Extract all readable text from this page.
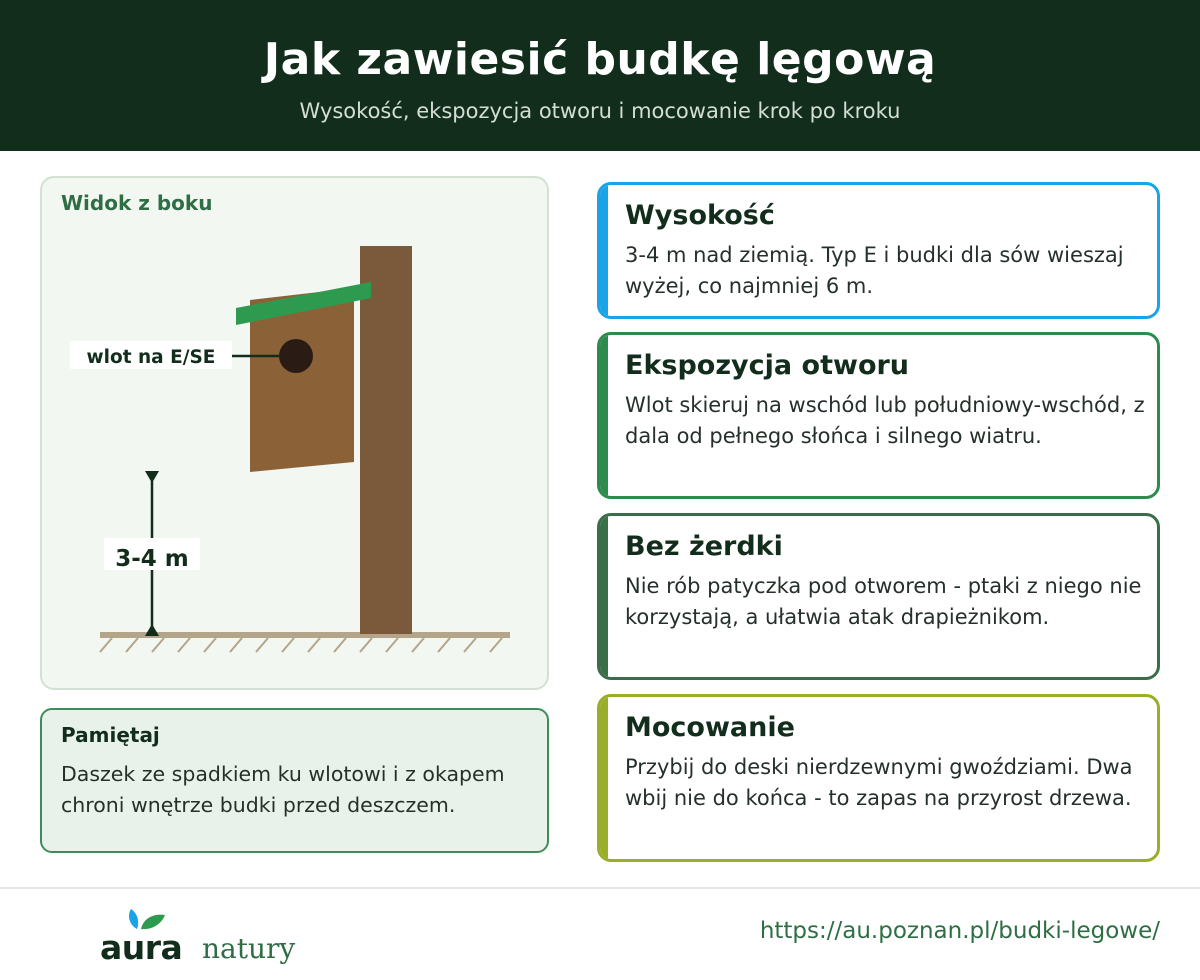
Jak zawiesić budkę lęgową
Wysokość, ekspozycja otworu i mocowanie krok po kroku
wlot na E/SE
3-4 m
Widok z boku
Pamiętaj
Daszek ze spadkiem ku wlotowi i z okapem chroni wnętrze budki przed deszczem.
Wysokość
3-4 m nad ziemią. Typ E i budki dla sów wieszaj wyżej, co najmniej 6 m.
Ekspozycja otworu
Wlot skieruj na wschód lub południowy-wschód, z dala od pełnego słońca i silnego wiatru.
Bez żerdki
Nie rób patyczka pod otworem - ptaki z niego nie korzystają, a ułatwia atak drapieżnikom.
Mocowanie
Przybij do deski nierdzewnymi gwoździami. Dwa wbij nie do końca - to zapas na przyrost drzewa.
aura natury
https://au.poznan.pl/budki-legowe/
